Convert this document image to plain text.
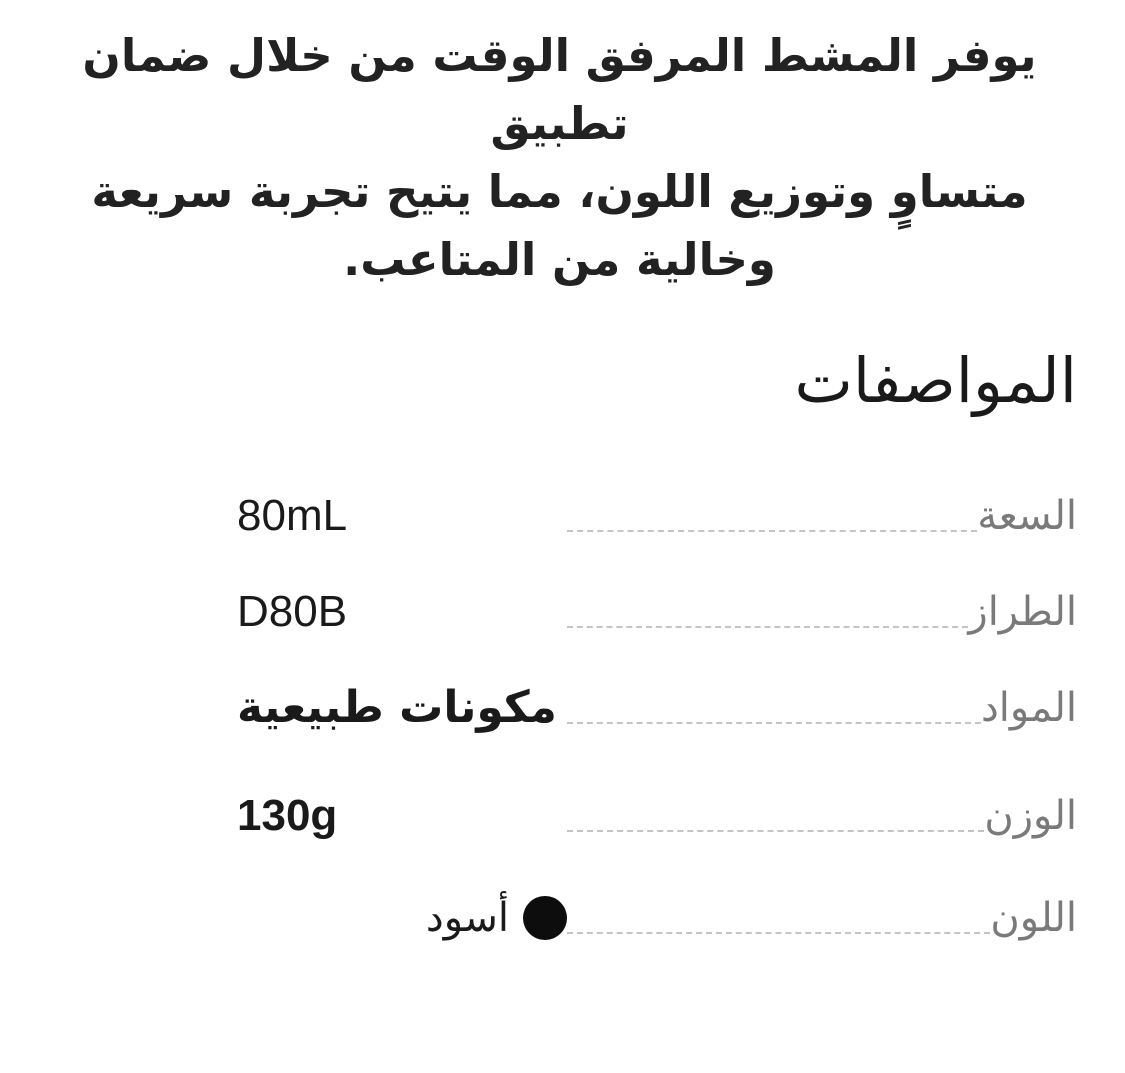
يوفر المشط المرفق الوقت من خلال ضمان تطبيق
متساوٍ وتوزيع اللون، مما يتيح تجربة سريعة
وخالية من المتاعب.

المواصفات
السعة
80mL
الطراز
D80B
المواد
مكونات طبيعية
الوزن
130g
اللون
أسود
